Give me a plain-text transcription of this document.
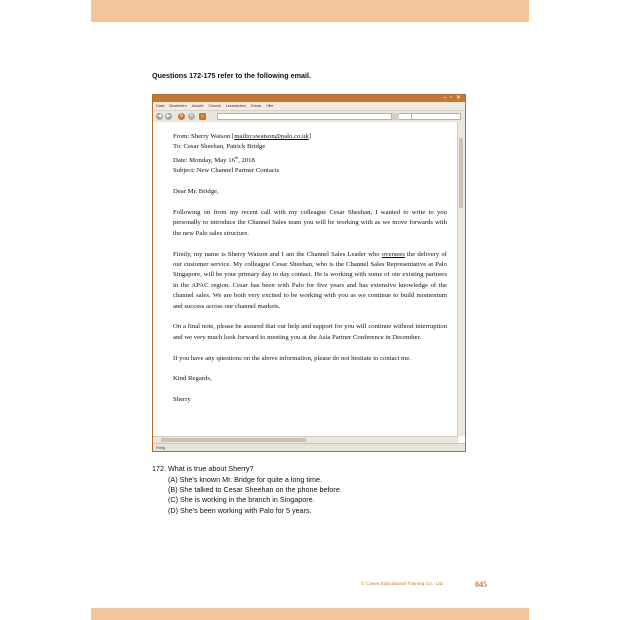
Questions 172-175 refer to the following email.
– ▫ ✕
Datei Bearbeiten Ansicht Chronik Lesezeichen Extras Hilfe
◀	▶	↻ ✕	⌂
From: Sherry Watson [mailto:swatson@palo.co.uk]
To: Cesar Sheehan, Patrick Bridge
Date: Monday, May 16th, 2018

Subject: New Channel Partner Contacts

Dear Mr. Bridge,

Following on from my recent call with my colleague Cesar Sheehan, I wanted to write to you personally to introduce the Channel Sales team you will be working with as we move forwards with the new Palo sales structure.

Firstly, my name is Sherry Watson and I am the Channel Sales Leader who oversees the delivery of our customer service. My colleague Cesar Sheehan, who is the Channel Sales Representative at Palo Singapore, will be your primary day to day contact. He is working with some of our existing partners in the APAC region. Cesar has been with Palo for five years and has extensive knowledge of the channel sales. We are both very excited to be working with you as we continue to build momentum and success across our channel markets.

On a final note, please be assured that our help and support for you will continue without interruption and we very much look forward to meeting you at the Asia Partner Conference in December.

If you have any questions on the above information, please do not hesitate to contact me.

Kind Regards,

Sherry

Fertig
172. What is true about Sherry?
(A) She's known Mr. Bridge for quite a long time.
(B) She talked to Cesar Sheehan on the phone before.
(C) She is working in the branch in Singapore.
(D) She's been working with Palo for 5 years.
© Caves Educational Training Co., Ltd.	045
